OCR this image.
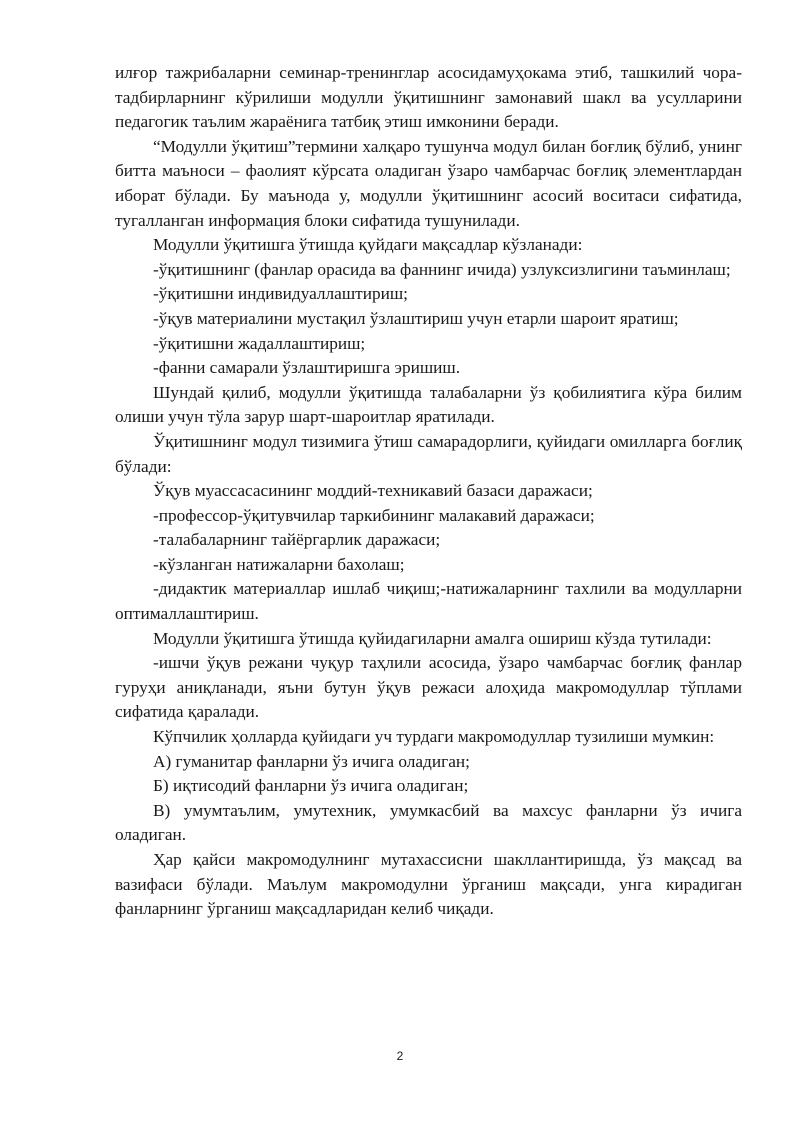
илғор тажрибаларни семинар-тренинглар асосидамуҳокама этиб, ташкилий чора-тадбирларнинг кўрилиши модулли ўқитишнинг замонавий шакл ва усулларини педагогик таълим жараёнига татбиқ этиш имконини беради.

“Модулли ўқитиш”термини халқаро тушунча модул билан боғлиқ бўлиб, унинг битта маъноси – фаолият кўрсата оладиган ўзаро чамбарчас боғлиқ элементлардан иборат бўлади. Бу маънода у, модулли ўқитишнинг асосий воситаси сифатида, тугалланган информация блоки сифатида тушунилади.

Модулли ўқитишга ўтишда қуйдаги мақсадлар кўзланади:

-ўқитишнинг (фанлар орасида ва фаннинг ичида) узлуксизлигини таъминлаш;

-ўқитишни индивидуаллаштириш;

-ўқув материалини мустақил ўзлаштириш учун етарли шароит яратиш;

-ўқитишни жадаллаштириш;

-фанни самарали ўзлаштиришга эришиш.

Шундай қилиб, модулли ўқитишда талабаларни ўз қобилиятига кўра билим олиши учун тўла зарур шарт-шароитлар яратилади.

Ўқитишнинг модул тизимига ўтиш самарадорлиги, қуйидаги омилларга боғлиқ бўлади:

Ўқув муассасасининг моддий-техникавий базаси даражаси;

-профессор-ўқитувчилар таркибининг малакавий даражаси;

-талабаларнинг тайёргарлик даражаси;

-кўзланган натижаларни бахолаш;

-дидактик материаллар ишлаб чиқиш;-натижаларнинг тахлили ва модулларни оптималлаштириш.

Модулли ўқитишга ўтишда қуйидагиларни амалга ошириш кўзда тутилади:

-ишчи ўқув режани чуқур таҳлили асосида, ўзаро чамбарчас боғлиқ фанлар гуруҳи аниқланади, яъни бутун ўқув режаси алоҳида макромодуллар тўплами сифатида қаралади.

Кўпчилик ҳолларда қуйидаги уч турдаги макромодуллар тузилиши мумкин:

А) гуманитар фанларни ўз ичига оладиган;

Б) иқтисодий фанларни ўз ичига оладиган;

В) умумтаълим, умутехник, умумкасбий ва махсус фанларни ўз ичига оладиган.

Ҳар қайси макромодулнинг мутахассисни шакллантиришда, ўз мақсад ва вазифаси бўлади. Маълум макромодулни ўрганиш мақсади, унга кирадиган фанларнинг ўрганиш мақсадларидан келиб чиқади.

2
